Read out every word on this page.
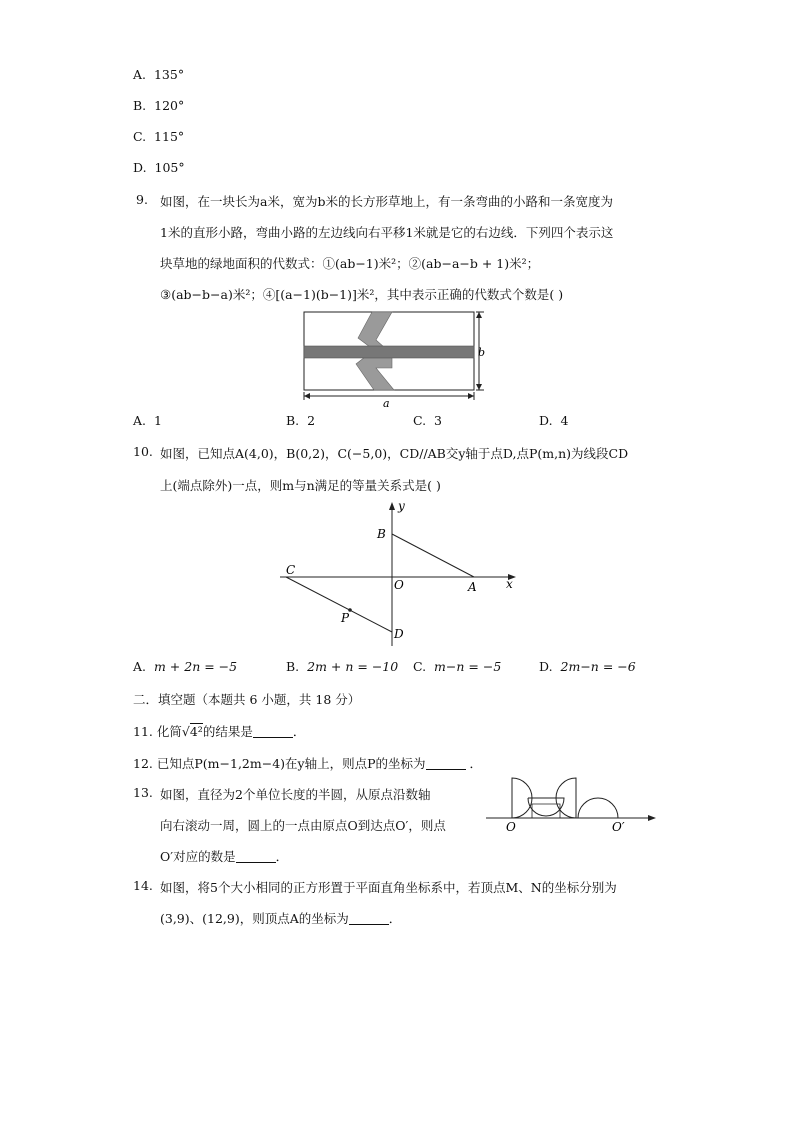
A. 135°
B. 120°
C. 115°
D. 105°
9. 如图，在一块长为a米，宽为b米的长方形草地上，有一条弯曲的小路和一条宽度为
1米的直形小路，弯曲小路的左边线向右平移1米就是它的右边线．下列四个表示这
块草地的绿地面积的代数式：①(ab−1)米²；②(ab−a−b + 1)米²；
③(ab−b−a)米²；④[(a−1)(b−1)]米²，其中表示正确的代数式个数是( )
b
a
A. 1	B. 2	C. 3	D. 4
10. 如图，已知点A(4,0)，B(0,2)，C(−5,0)，CD//AB交y轴于点D,点P(m,n)为线段CD
上(端点除外)一点，则m与n满足的等量关系式是( )
y
x
B
C
O	A
P
D
A. m + 2n = −5	B. 2m + n = −10 C. m−n = −5	D. 2m−n = −6
二．填空题（本题共 6 小题，共 18 分）
11. 化简√4²的结果是	．
12. 已知点P(m−1,2m−4)在y轴上，则点P的坐标为	．
13. 如图，直径为2个单位长度的半圆，从原点沿数轴
向右滚动一周，圆上的一点由原点O到达点O′，则点
O′对应的数是	．
O	O′
14. 如图，将5个大小相同的正方形置于平面直角坐标系中，若顶点M、N的坐标分别为
(3,9)、(12,9)，则顶点A的坐标为	．
